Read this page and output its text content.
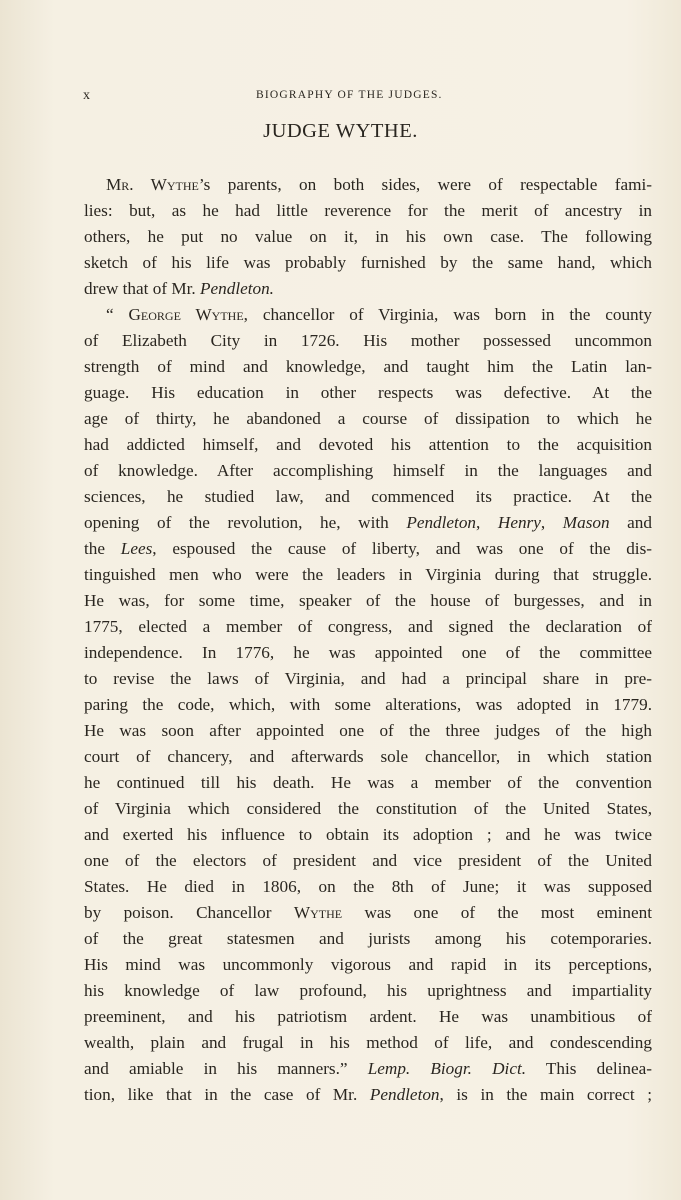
x	BIOGRAPHY OF THE JUDGES.
JUDGE WYTHE.
Mr. Wythe’s parents, on both sides, were of respectable fami-
lies: but, as he had little reverence for the merit of ancestry in
others, he put no value on it, in his own case. The following
sketch of his life was probably furnished by the same hand, which
drew that of Mr. Pendleton.
“ George Wythe, chancellor of Virginia, was born in the county
of Elizabeth City in 1726. His mother possessed uncommon
strength of mind and knowledge, and taught him the Latin lan-
guage. His education in other respects was defective. At the
age of thirty, he abandoned a course of dissipation to which he
had addicted himself, and devoted his attention to the acquisition
of knowledge. After accomplishing himself in the languages and
sciences, he studied law, and commenced its practice. At the
opening of the revolution, he, with Pendleton, Henry, Mason and
the Lees, espoused the cause of liberty, and was one of the dis-
tinguished men who were the leaders in Virginia during that struggle.
He was, for some time, speaker of the house of burgesses, and in
1775, elected a member of congress, and signed the declaration of
independence. In 1776, he was appointed one of the committee
to revise the laws of Virginia, and had a principal share in pre-
paring the code, which, with some alterations, was adopted in 1779.
He was soon after appointed one of the three judges of the high
court of chancery, and afterwards sole chancellor, in which station
he continued till his death. He was a member of the convention
of Virginia which considered the constitution of the United States,
and exerted his influence to obtain its adoption ; and he was twice
one of the electors of president and vice president of the United
States. He died in 1806, on the 8th of June; it was supposed
by poison. Chancellor Wythe was one of the most eminent
of the great statesmen and jurists among his cotemporaries.
His mind was uncommonly vigorous and rapid in its perceptions,
his knowledge of law profound, his uprightness and impartiality
preeminent, and his patriotism ardent. He was unambitious of
wealth, plain and frugal in his method of life, and condescending
and amiable in his manners.” Lemp. Biogr. Dict. This delinea-
tion, like that in the case of Mr. Pendleton, is in the main correct ;
